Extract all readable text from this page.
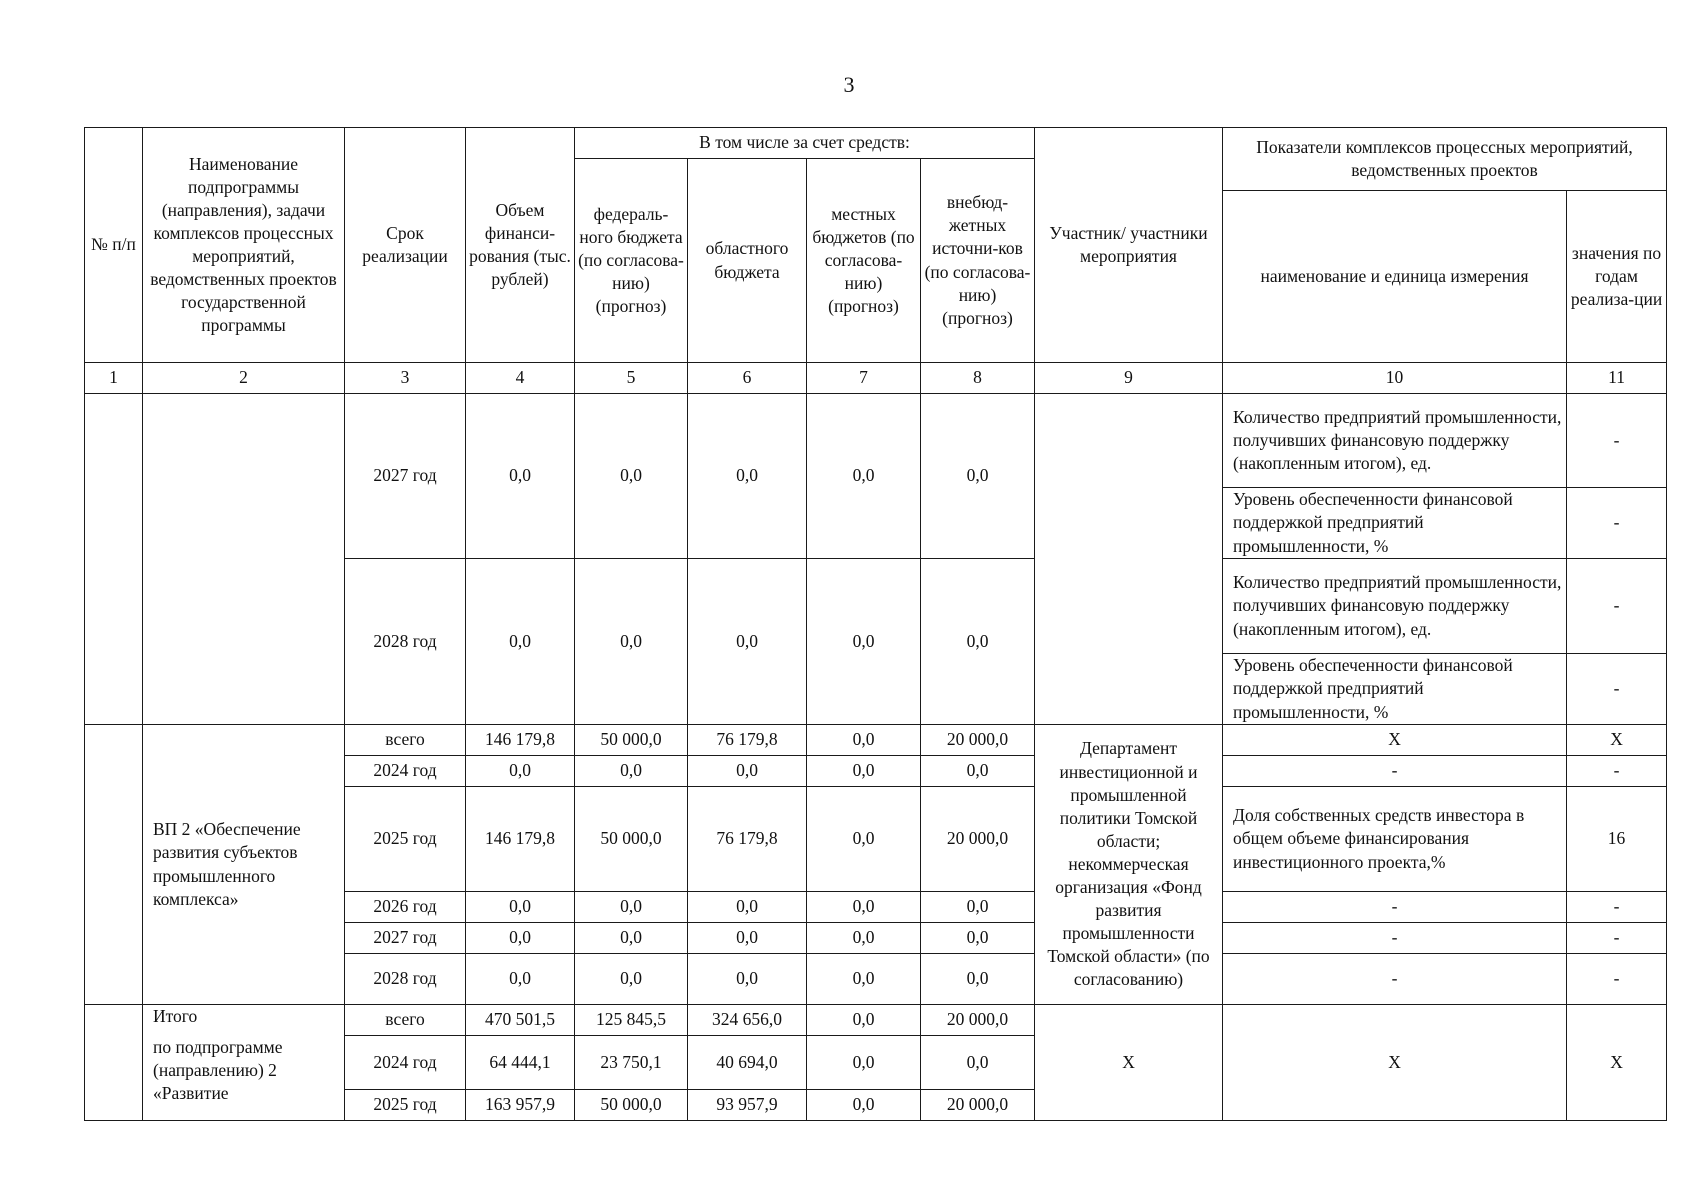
3
№ п/п	Наименование подпрограммы (направления), задачи комплексов процессных мероприятий, ведомственных проектов государственной программы	Срок реализации	Объем финанси-рования (тыс. рублей)	В том числе за счет средств:				Участник/ участники мероприятия	Показатели комплексов процессных мероприятий, ведомственных проектов	
				федераль-ного бюджета (по согласова-нию) (прогноз)	областного бюджета	местных бюджетов (по согласова-нию) (прогноз)	внебюд-жетных источни-ков (по согласова-нию) (прогноз)			
									наименование и единица измерения	значения по годам реализа-ции
1	2	3	4	5	6	7	8	9	10	11
		2027 год	0,0	0,0	0,0	0,0	0,0		Количество предприятий промышленности, получивших финансовую поддержку (накопленным итогом), ед.	-
									Уровень обеспеченности финансовой поддержкой предприятий промышленности, %	-
		2028 год	0,0	0,0	0,0	0,0	0,0		Количество предприятий промышленности, получивших финансовую поддержку (накопленным итогом), ед.	-
									Уровень обеспеченности финансовой поддержкой предприятий промышленности, %	-
	ВП 2 «Обеспечение развития субъектов промышленного комплекса»	всего	146 179,8	50 000,0	76 179,8	0,0	20 000,0	Департамент инвестиционной и промышленной политики Томской области; некоммерческая организация «Фонд развития промышленности Томской области» (по согласованию)	Х	Х
		2024 год	0,0	0,0	0,0	0,0	0,0		-	-
		2025 год	146 179,8	50 000,0	76 179,8	0,0	20 000,0		Доля собственных средств инвестора в общем объеме финансирования инвестиционного проекта,%	16
		2026 год	0,0	0,0	0,0	0,0	0,0		-	-
		2027 год	0,0	0,0	0,0	0,0	0,0		-	-
		2028 год	0,0	0,0	0,0	0,0	0,0		-	-
	Итого	всего	470 501,5	125 845,5	324 656,0	0,0	20 000,0	Х	Х	Х
	по подпрограмме (направлению) 2 «Развитие	2024 год	64 444,1	23 750,1	40 694,0	0,0	0,0			
		2025 год	163 957,9	50 000,0	93 957,9	0,0	20 000,0			
